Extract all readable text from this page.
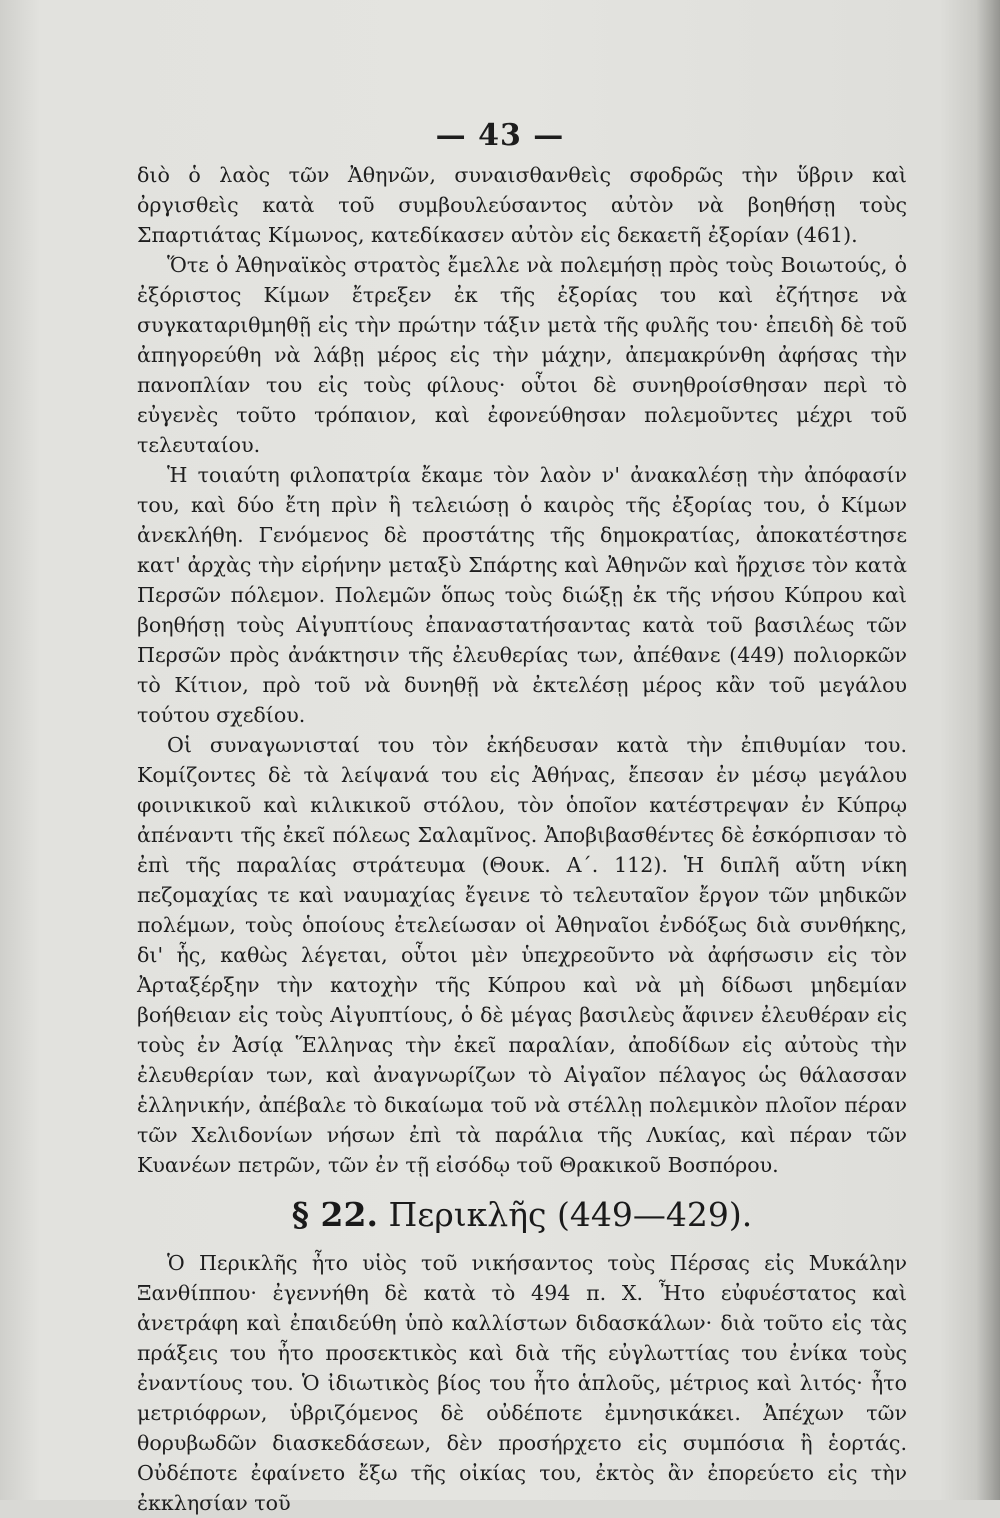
— 43 —

διὸ ὁ λαὸς τῶν Ἀθηνῶν, συναισθανθεὶς σφοδρῶς τὴν ὕβριν καὶ ὀργισθεὶς κατὰ τοῦ συμβουλεύσαντος αὐτὸν νὰ βοηθήσῃ τοὺς Σπαρτιάτας Κίμωνος, κατεδίκασεν αὐτὸν εἰς δεκαετῆ ἐξορίαν (461).

Ὅτε ὁ Ἀθηναϊκὸς στρατὸς ἔμελλε νὰ πολεμήσῃ πρὸς τοὺς Βοιωτούς, ὁ ἐξόριστος Κίμων ἔτρεξεν ἐκ τῆς ἐξορίας του καὶ ἐζήτησε νὰ συγκαταριθμηθῇ εἰς τὴν πρώτην τάξιν μετὰ τῆς φυλῆς του· ἐπειδὴ δὲ τοῦ ἀπηγορεύθη νὰ λάβῃ μέρος εἰς τὴν μάχην, ἀπεμακρύνθη ἀφήσας τὴν πανοπλίαν του εἰς τοὺς φίλους· οὗτοι δὲ συνηθροίσθησαν περὶ τὸ εὐγενὲς τοῦτο τρόπαιον, καὶ ἐφονεύθησαν πολεμοῦντες μέχρι τοῦ τελευταίου.

Ἡ τοιαύτη φιλοπατρία ἔκαμε τὸν λαὸν ν' ἀνακαλέσῃ τὴν ἀπόφασίν του, καὶ δύο ἔτη πρὶν ἢ τελειώσῃ ὁ καιρὸς τῆς ἐξορίας του, ὁ Κίμων ἀνεκλήθη. Γενόμενος δὲ προστάτης τῆς δημοκρατίας, ἀποκατέστησε κατ' ἀρχὰς τὴν εἰρήνην μεταξὺ Σπάρτης καὶ Ἀθηνῶν καὶ ἤρχισε τὸν κατὰ Περσῶν πόλεμον. Πολεμῶν ὅπως τοὺς διώξῃ ἐκ τῆς νήσου Κύπρου καὶ βοηθήσῃ τοὺς Αἰγυπτίους ἐπαναστατήσαντας κατὰ τοῦ βασιλέως τῶν Περσῶν πρὸς ἀνάκτησιν τῆς ἐλευθερίας των, ἀπέθανε (449) πολιορκῶν τὸ Κίτιον, πρὸ τοῦ νὰ δυνηθῇ νὰ ἐκτελέσῃ μέρος κἂν τοῦ μεγάλου τούτου σχεδίου.

Οἱ συναγωνισταί του τὸν ἐκήδευσαν κατὰ τὴν ἐπιθυμίαν του. Κομίζοντες δὲ τὰ λείψανά του εἰς Ἀθήνας, ἔπεσαν ἐν μέσῳ μεγάλου φοινικικοῦ καὶ κιλικικοῦ στόλου, τὸν ὁποῖον κατέστρεψαν ἐν Κύπρῳ ἀπέναντι τῆς ἐκεῖ πόλεως Σαλαμῖνος. Ἀποβιβασθέντες δὲ ἐσκόρπισαν τὸ ἐπὶ τῆς παραλίας στράτευμα (Θουκ. Α΄. 112). Ἡ διπλῆ αὕτη νίκη πεζομαχίας τε καὶ ναυμαχίας ἔγεινε τὸ τελευταῖον ἔργον τῶν μηδικῶν πολέμων, τοὺς ὁποίους ἐτελείωσαν οἱ Ἀθηναῖοι ἐνδόξως διὰ συνθήκης, δι' ἧς, καθὼς λέγεται, οὗτοι μὲν ὑπεχρεοῦντο νὰ ἀφήσωσιν εἰς τὸν Ἀρταξέρξην τὴν κατοχὴν τῆς Κύπρου καὶ νὰ μὴ δίδωσι μηδεμίαν βοήθειαν εἰς τοὺς Αἰγυπτίους, ὁ δὲ μέγας βασιλεὺς ἄφινεν ἐλευθέραν εἰς τοὺς ἐν Ἀσίᾳ Ἕλληνας τὴν ἐκεῖ παραλίαν, ἀποδίδων εἰς αὐτοὺς τὴν ἐλευθερίαν των, καὶ ἀναγνωρίζων τὸ Αἰγαῖον πέλαγος ὡς θάλασσαν ἑλληνικήν, ἀπέβαλε τὸ δικαίωμα τοῦ νὰ στέλλῃ πολεμικὸν πλοῖον πέραν τῶν Χελιδονίων νήσων ἐπὶ τὰ παράλια τῆς Λυκίας, καὶ πέραν τῶν Κυανέων πετρῶν, τῶν ἐν τῇ εἰσόδῳ τοῦ Θρακικοῦ Βοσπόρου.

§ 22. Περικλῆς (449—429).

Ὁ Περικλῆς ἦτο υἱὸς τοῦ νικήσαντος τοὺς Πέρσας εἰς Μυκάλην Ξανθίππου· ἐγεννήθη δὲ κατὰ τὸ 494 π. Χ. Ἦτο εὐφυέστατος καὶ ἀνετράφη καὶ ἐπαιδεύθη ὑπὸ καλλίστων διδασκάλων· διὰ τοῦτο εἰς τὰς πράξεις του ἦτο προσεκτικὸς καὶ διὰ τῆς εὐγλωττίας του ἐνίκα τοὺς ἐναντίους του. Ὁ ἰδιωτικὸς βίος του ἦτο ἁπλοῦς, μέτριος καὶ λιτός· ἦτο μετριόφρων, ὑβριζόμενος δὲ οὐδέποτε ἐμνησικάκει. Ἀπέχων τῶν θορυβωδῶν διασκεδάσεων, δὲν προσήρχετο εἰς συμπόσια ἢ ἑορτάς. Οὐδέποτε ἐφαίνετο ἔξω τῆς οἰκίας του, ἐκτὸς ἂν ἐπορεύετο εἰς τὴν ἐκκλησίαν τοῦ
